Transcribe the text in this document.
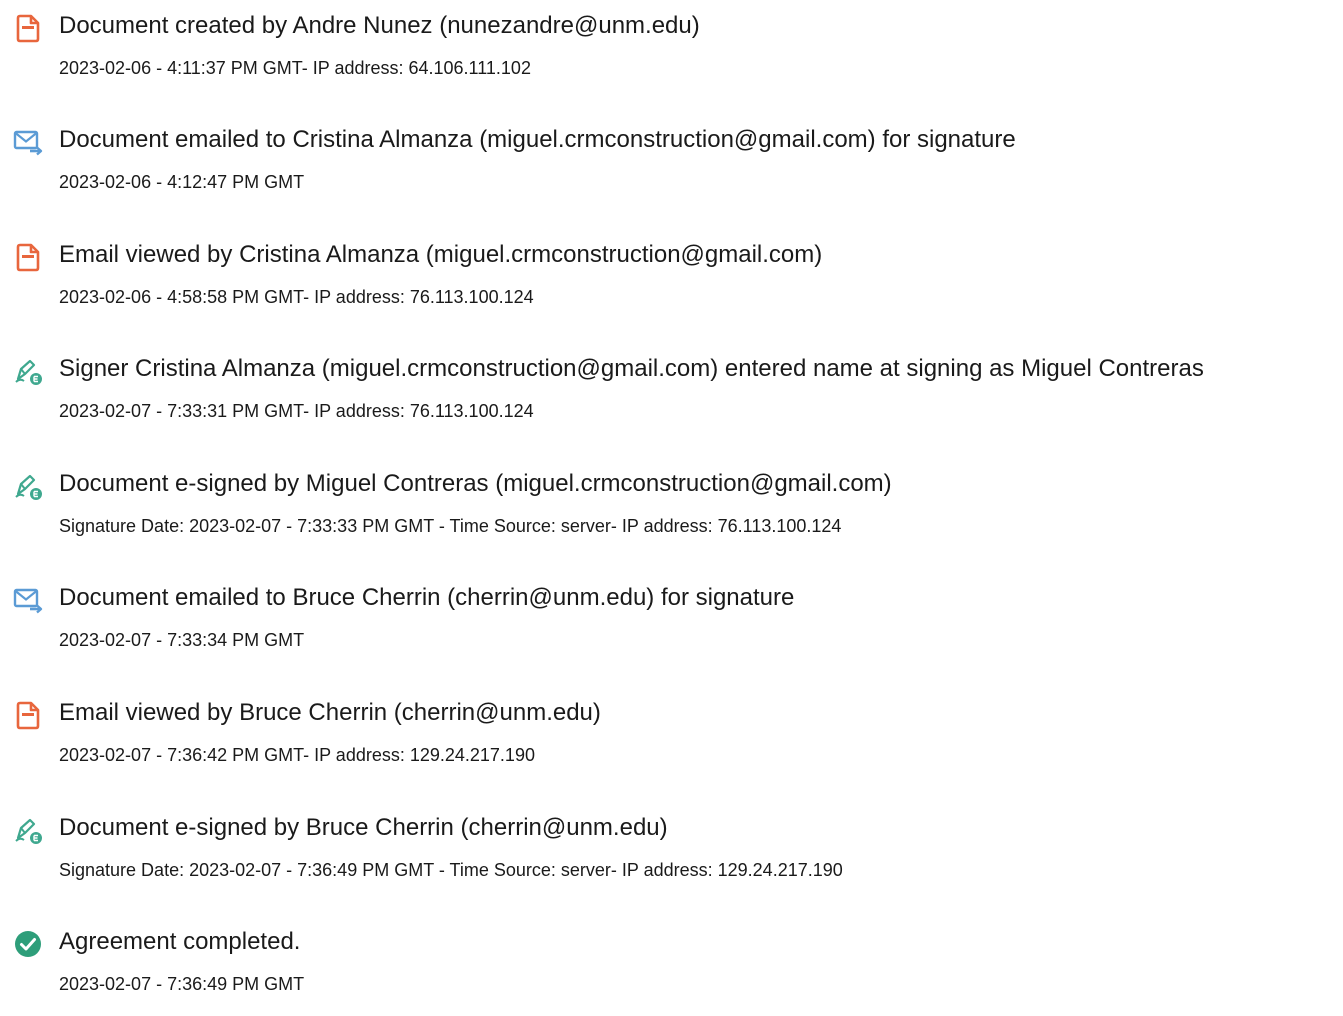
Document created by Andre Nunez (nunezandre@unm.edu)
2023-02-06 - 4:11:37 PM GMT- IP address: 64.106.111.102
Document emailed to Cristina Almanza (miguel.crmconstruction@gmail.com) for signature
2023-02-06 - 4:12:47 PM GMT
Email viewed by Cristina Almanza (miguel.crmconstruction@gmail.com)
2023-02-06 - 4:58:58 PM GMT- IP address: 76.113.100.124
Signer Cristina Almanza (miguel.crmconstruction@gmail.com) entered name at signing as Miguel Contreras
2023-02-07 - 7:33:31 PM GMT- IP address: 76.113.100.124
Document e-signed by Miguel Contreras (miguel.crmconstruction@gmail.com)
Signature Date: 2023-02-07 - 7:33:33 PM GMT - Time Source: server- IP address: 76.113.100.124
Document emailed to Bruce Cherrin (cherrin@unm.edu) for signature
2023-02-07 - 7:33:34 PM GMT
Email viewed by Bruce Cherrin (cherrin@unm.edu)
2023-02-07 - 7:36:42 PM GMT- IP address: 129.24.217.190
Document e-signed by Bruce Cherrin (cherrin@unm.edu)
Signature Date: 2023-02-07 - 7:36:49 PM GMT - Time Source: server- IP address: 129.24.217.190
Agreement completed.
2023-02-07 - 7:36:49 PM GMT
